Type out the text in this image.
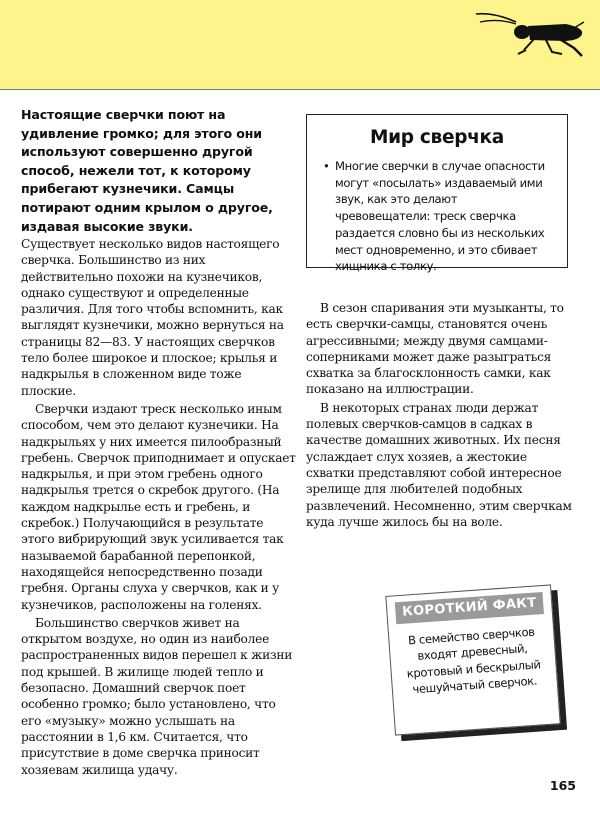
Настоящие сверчки поют на удивление громко; для этого они используют совершенно другой способ, нежели тот, к которому прибегают кузнечики. Самцы потирают одним крылом о другое, издавая высокие звуки.

Существует несколько видов настоящего сверчка. Большинство из них действительно похожи на кузнечиков, однако существуют и определенные различия. Для того чтобы вспомнить, как выглядят кузнечики, можно вернуться на страницы 82—83. У настоящих сверчков тело более широкое и плоское; крылья и надкрылья в сложенном виде тоже плоские.

Сверчки издают треск несколько иным способом, чем это делают кузнечики. На надкрыльях у них имеется пилообразный гребень. Сверчок приподнимает и опускает надкрылья, и при этом гребень одного надкрылья трется о скребок другого. (На каждом надкрылье есть и гребень, и скребок.) Получающийся в результате этого вибрирующий звук усиливается так называемой барабанной перепонкой, находящейся непосредственно позади гребня. Органы слуха у сверчков, как и у кузнечиков, расположены на голенях.

Большинство сверчков живет на открытом воздухе, но один из наиболее распространенных видов перешел к жизни под крышей. В жилище людей тепло и безопасно. Домашний сверчок поет особенно громко; было установлено, что его «музыку» можно услышать на расстоянии в 1,6 км. Считается, что присутствие в доме сверчка приносит хозяевам жилища удачу.

Мир сверчка
• Многие сверчки в случае опасности могут «посылать» издаваемый ими звук, как это делают чревовещатели: треск сверчка раздается словно бы из нескольких мест одновременно, и это сбивает хищника с толку.

В сезон спаривания эти музыканты, то есть сверчки-самцы, становятся очень агрессивными; между двумя самцами-соперниками может даже разыграться схватка за благосклонность самки, как показано на иллюстрации.

В некоторых странах люди держат полевых сверчков-самцов в садках в качестве домашних животных. Их песня услаждает слух хозяев, а жестокие схватки представляют собой интересное зрелище для любителей подобных развлечений. Несомненно, этим сверчкам куда лучше жилось бы на воле.

КОРОТКИЙ ФАКТ
В семейство сверчков входят древесный, кротовый и бескрылый чешуйчатый сверчок.
165
